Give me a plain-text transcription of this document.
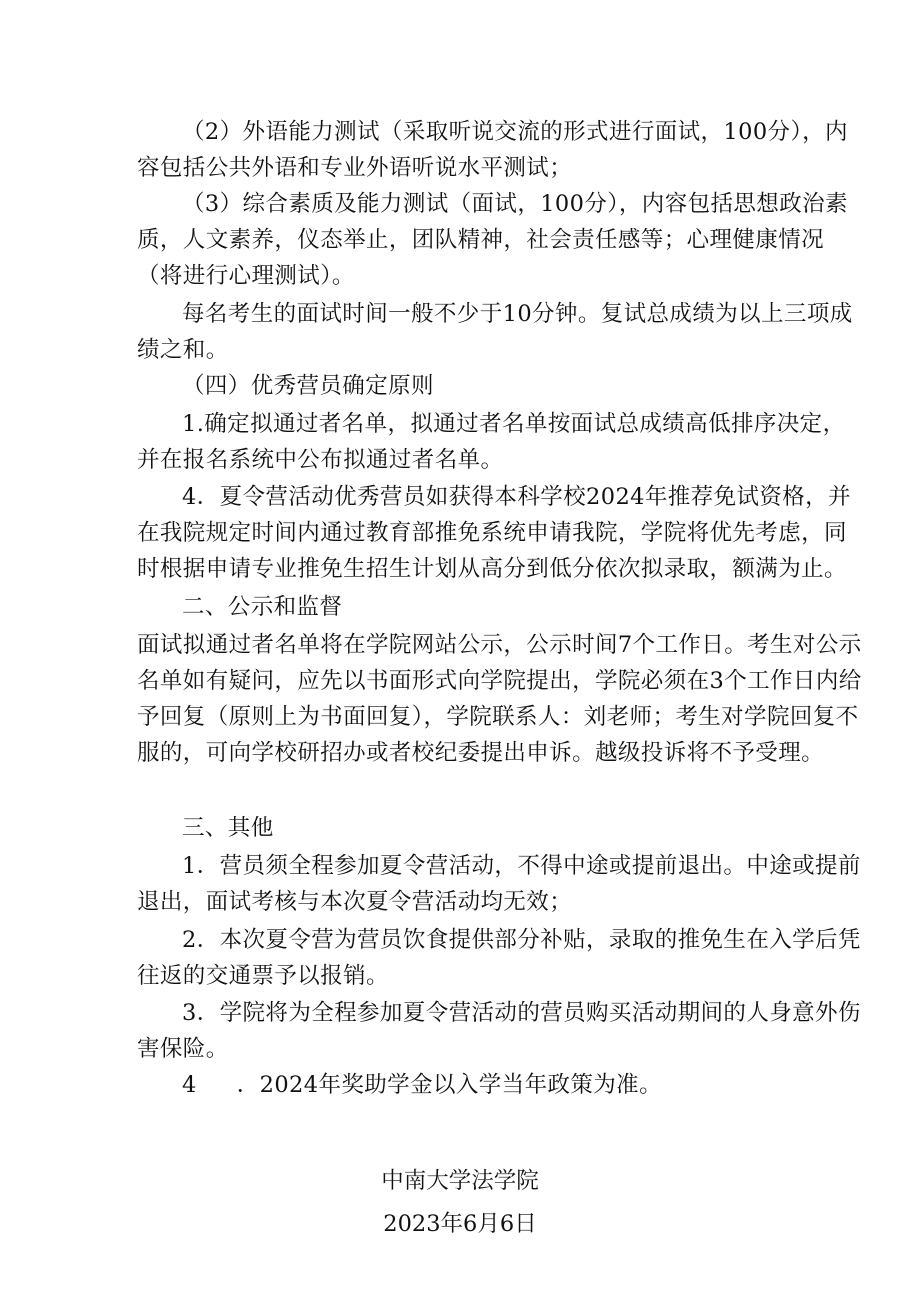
（2）外语能力测试（采取听说交流的形式进行面试，100分），内容包括公共外语和专业外语听说水平测试；

（3）综合素质及能力测试（面试，100分），内容包括思想政治素质，人文素养，仪态举止，团队精神，社会责任感等；心理健康情况（将进行心理测试）。

每名考生的面试时间一般不少于10分钟。复试总成绩为以上三项成绩之和。

（四）优秀营员确定原则

1.确定拟通过者名单，拟通过者名单按面试总成绩高低排序决定，并在报名系统中公布拟通过者名单。

4．夏令营活动优秀营员如获得本科学校2024年推荐免试资格，并在我院规定时间内通过教育部推免系统申请我院，学院将优先考虑，同时根据申请专业推免生招生计划从高分到低分依次拟录取，额满为止。

二、公示和监督

面试拟通过者名单将在学院网站公示，公示时间7个工作日。考生对公示名单如有疑问，应先以书面形式向学院提出，学院必须在3个工作日内给予回复（原则上为书面回复），学院联系人：刘老师；考生对学院回复不服的，可向学校研招办或者校纪委提出申诉。越级投诉将不予受理。

三、其他

1．营员须全程参加夏令营活动，不得中途或提前退出。中途或提前退出，面试考核与本次夏令营活动均无效；

2．本次夏令营为营员饮食提供部分补贴，录取的推免生在入学后凭往返的交通票予以报销。

3．学院将为全程参加夏令营活动的营员购买活动期间的人身意外伤害保险。

4 ．2024年奖助学金以入学当年政策为准。

中南大学法学院
2023年6月6日
